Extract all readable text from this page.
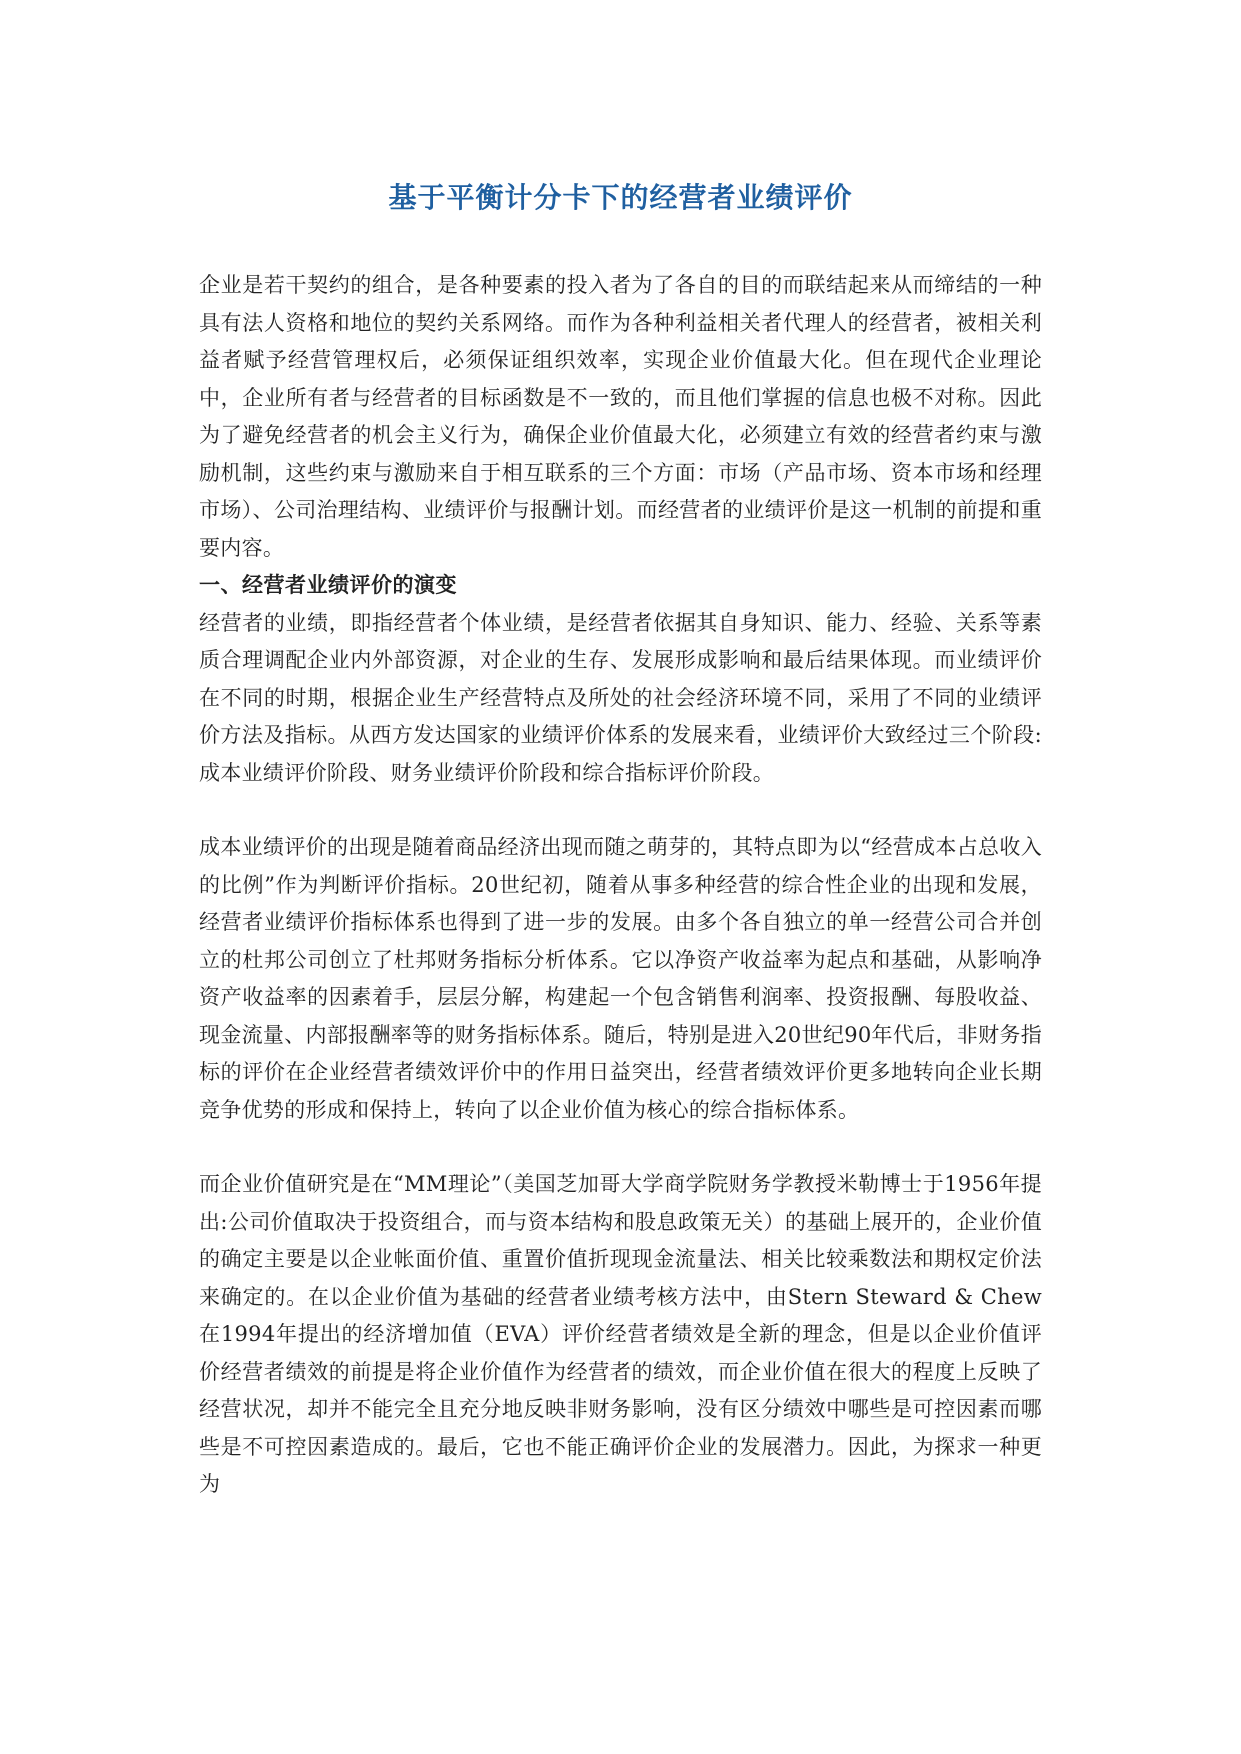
基于平衡计分卡下的经营者业绩评价

企业是若干契约的组合，是各种要素的投入者为了各自的目的而联结起来从而缔结的一种具有法人资格和地位的契约关系网络。而作为各种利益相关者代理人的经营者，被相关利益者赋予经营管理权后，必须保证组织效率，实现企业价值最大化。但在现代企业理论中，企业所有者与经营者的目标函数是不一致的，而且他们掌握的信息也极不对称。因此为了避免经营者的机会主义行为，确保企业价值最大化，必须建立有效的经营者约束与激励机制，这些约束与激励来自于相互联系的三个方面：市场（产品市场、资本市场和经理市场）、公司治理结构、业绩评价与报酬计划。而经营者的业绩评价是这一机制的前提和重要内容。

一、经营者业绩评价的演变

经营者的业绩，即指经营者个体业绩，是经营者依据其自身知识、能力、经验、关系等素质合理调配企业内外部资源，对企业的生存、发展形成影响和最后结果体现。而业绩评价在不同的时期，根据企业生产经营特点及所处的社会经济环境不同，采用了不同的业绩评价方法及指标。从西方发达国家的业绩评价体系的发展来看，业绩评价大致经过三个阶段:成本业绩评价阶段、财务业绩评价阶段和综合指标评价阶段。

成本业绩评价的出现是随着商品经济出现而随之萌芽的，其特点即为以“经营成本占总收入的比例”作为判断评价指标。20世纪初，随着从事多种经营的综合性企业的出现和发展，经营者业绩评价指标体系也得到了进一步的发展。由多个各自独立的单一经营公司合并创立的杜邦公司创立了杜邦财务指标分析体系。它以净资产收益率为起点和基础，从影响净资产收益率的因素着手，层层分解，构建起一个包含销售利润率、投资报酬、每股收益、现金流量、内部报酬率等的财务指标体系。随后，特别是进入20世纪90年代后，非财务指标的评价在企业经营者绩效评价中的作用日益突出，经营者绩效评价更多地转向企业长期竞争优势的形成和保持上，转向了以企业价值为核心的综合指标体系。

而企业价值研究是在“MM理论”（美国芝加哥大学商学院财务学教授米勒博士于1956年提出:公司价值取决于投资组合，而与资本结构和股息政策无关）的基础上展开的，企业价值的确定主要是以企业帐面价值、重置价值折现现金流量法、相关比较乘数法和期权定价法来确定的。在以企业价值为基础的经营者业绩考核方法中，由Stern Steward & Chew在1994年提出的经济增加值（EVA）评价经营者绩效是全新的理念，但是以企业价值评价经营者绩效的前提是将企业价值作为经营者的绩效，而企业价值在很大的程度上反映了经营状况，却并不能完全且充分地反映非财务影响，没有区分绩效中哪些是可控因素而哪些是不可控因素造成的。最后，它也不能正确评价企业的发展潜力。因此，为探求一种更为
